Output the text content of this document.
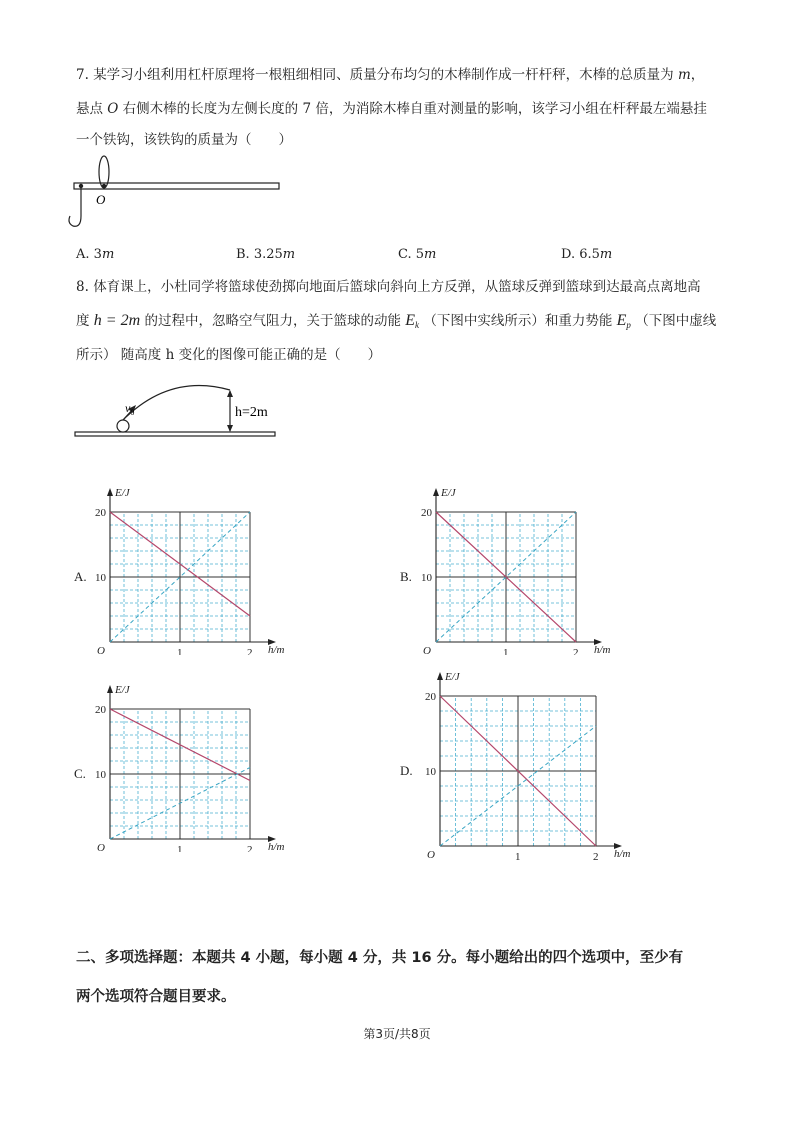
7. 某学习小组利用杠杆原理将一根粗细相同、质量分布均匀的木棒制作成一杆杆秤，木棒的总质量为 m，
悬点 O 右侧木棒的长度为左侧长度的 7 倍，为消除木棒自重对测量的影响，该学习小组在杆秤最左端悬挂
一个铁钩，该铁钩的质量为（　　）
O
A. 3m	B. 3.25m	C. 5m	D. 6.5m
8. 体育课上，小杜同学将篮球使劲掷向地面后篮球向斜向上方反弹，从篮球反弹到篮球到达最高点离地高
度 h = 2m 的过程中，忽略空气阻力，关于篮球的动能 $E_k$ （下图中实线所示）和重力势能 $E_p$ （下图中虚线
所示） 随高度 h 变化的图像可能正确的是（　　）
$v_0$	h=2m
E/J
h/m
O	1	2
10
20
A.
E/J
h/m
O	1	2
10
20
B.
E/J
h/m
O	1	2
10
20
C.
E/J
h/m
O	1	2
10
20
D.
二、多项选择题：本题共 4 小题，每小题 4 分，共 16 分。每小题给出的四个选项中，至少有
两个选项符合题目要求。
第3页/共8页
